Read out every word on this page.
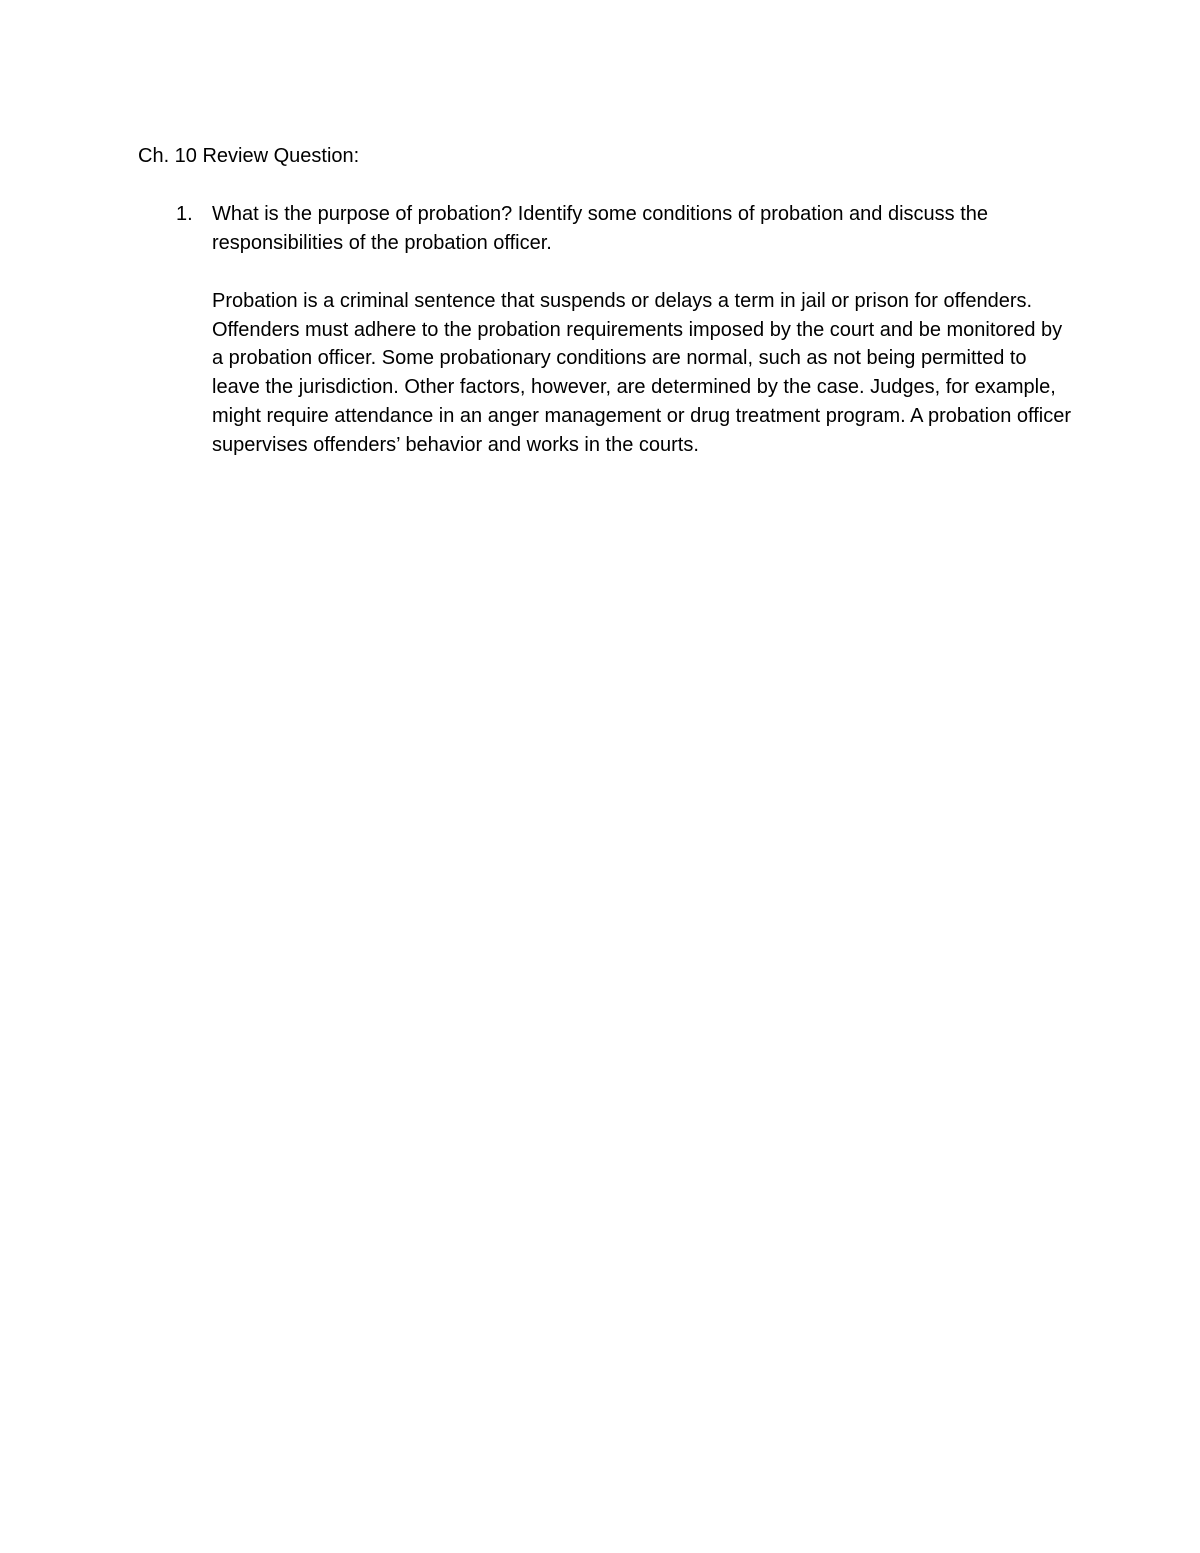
Ch. 10 Review Question:

1. What is the purpose of probation? Identify some conditions of probation and discuss the responsibilities of the probation officer.

Probation is a criminal sentence that suspends or delays a term in jail or prison for offenders. Offenders must adhere to the probation requirements imposed by the court and be monitored by a probation officer. Some probationary conditions are normal, such as not being permitted to leave the jurisdiction. Other factors, however, are determined by the case. Judges, for example, might require attendance in an anger management or drug treatment program. A probation officer supervises offenders’ behavior and works in the courts.
